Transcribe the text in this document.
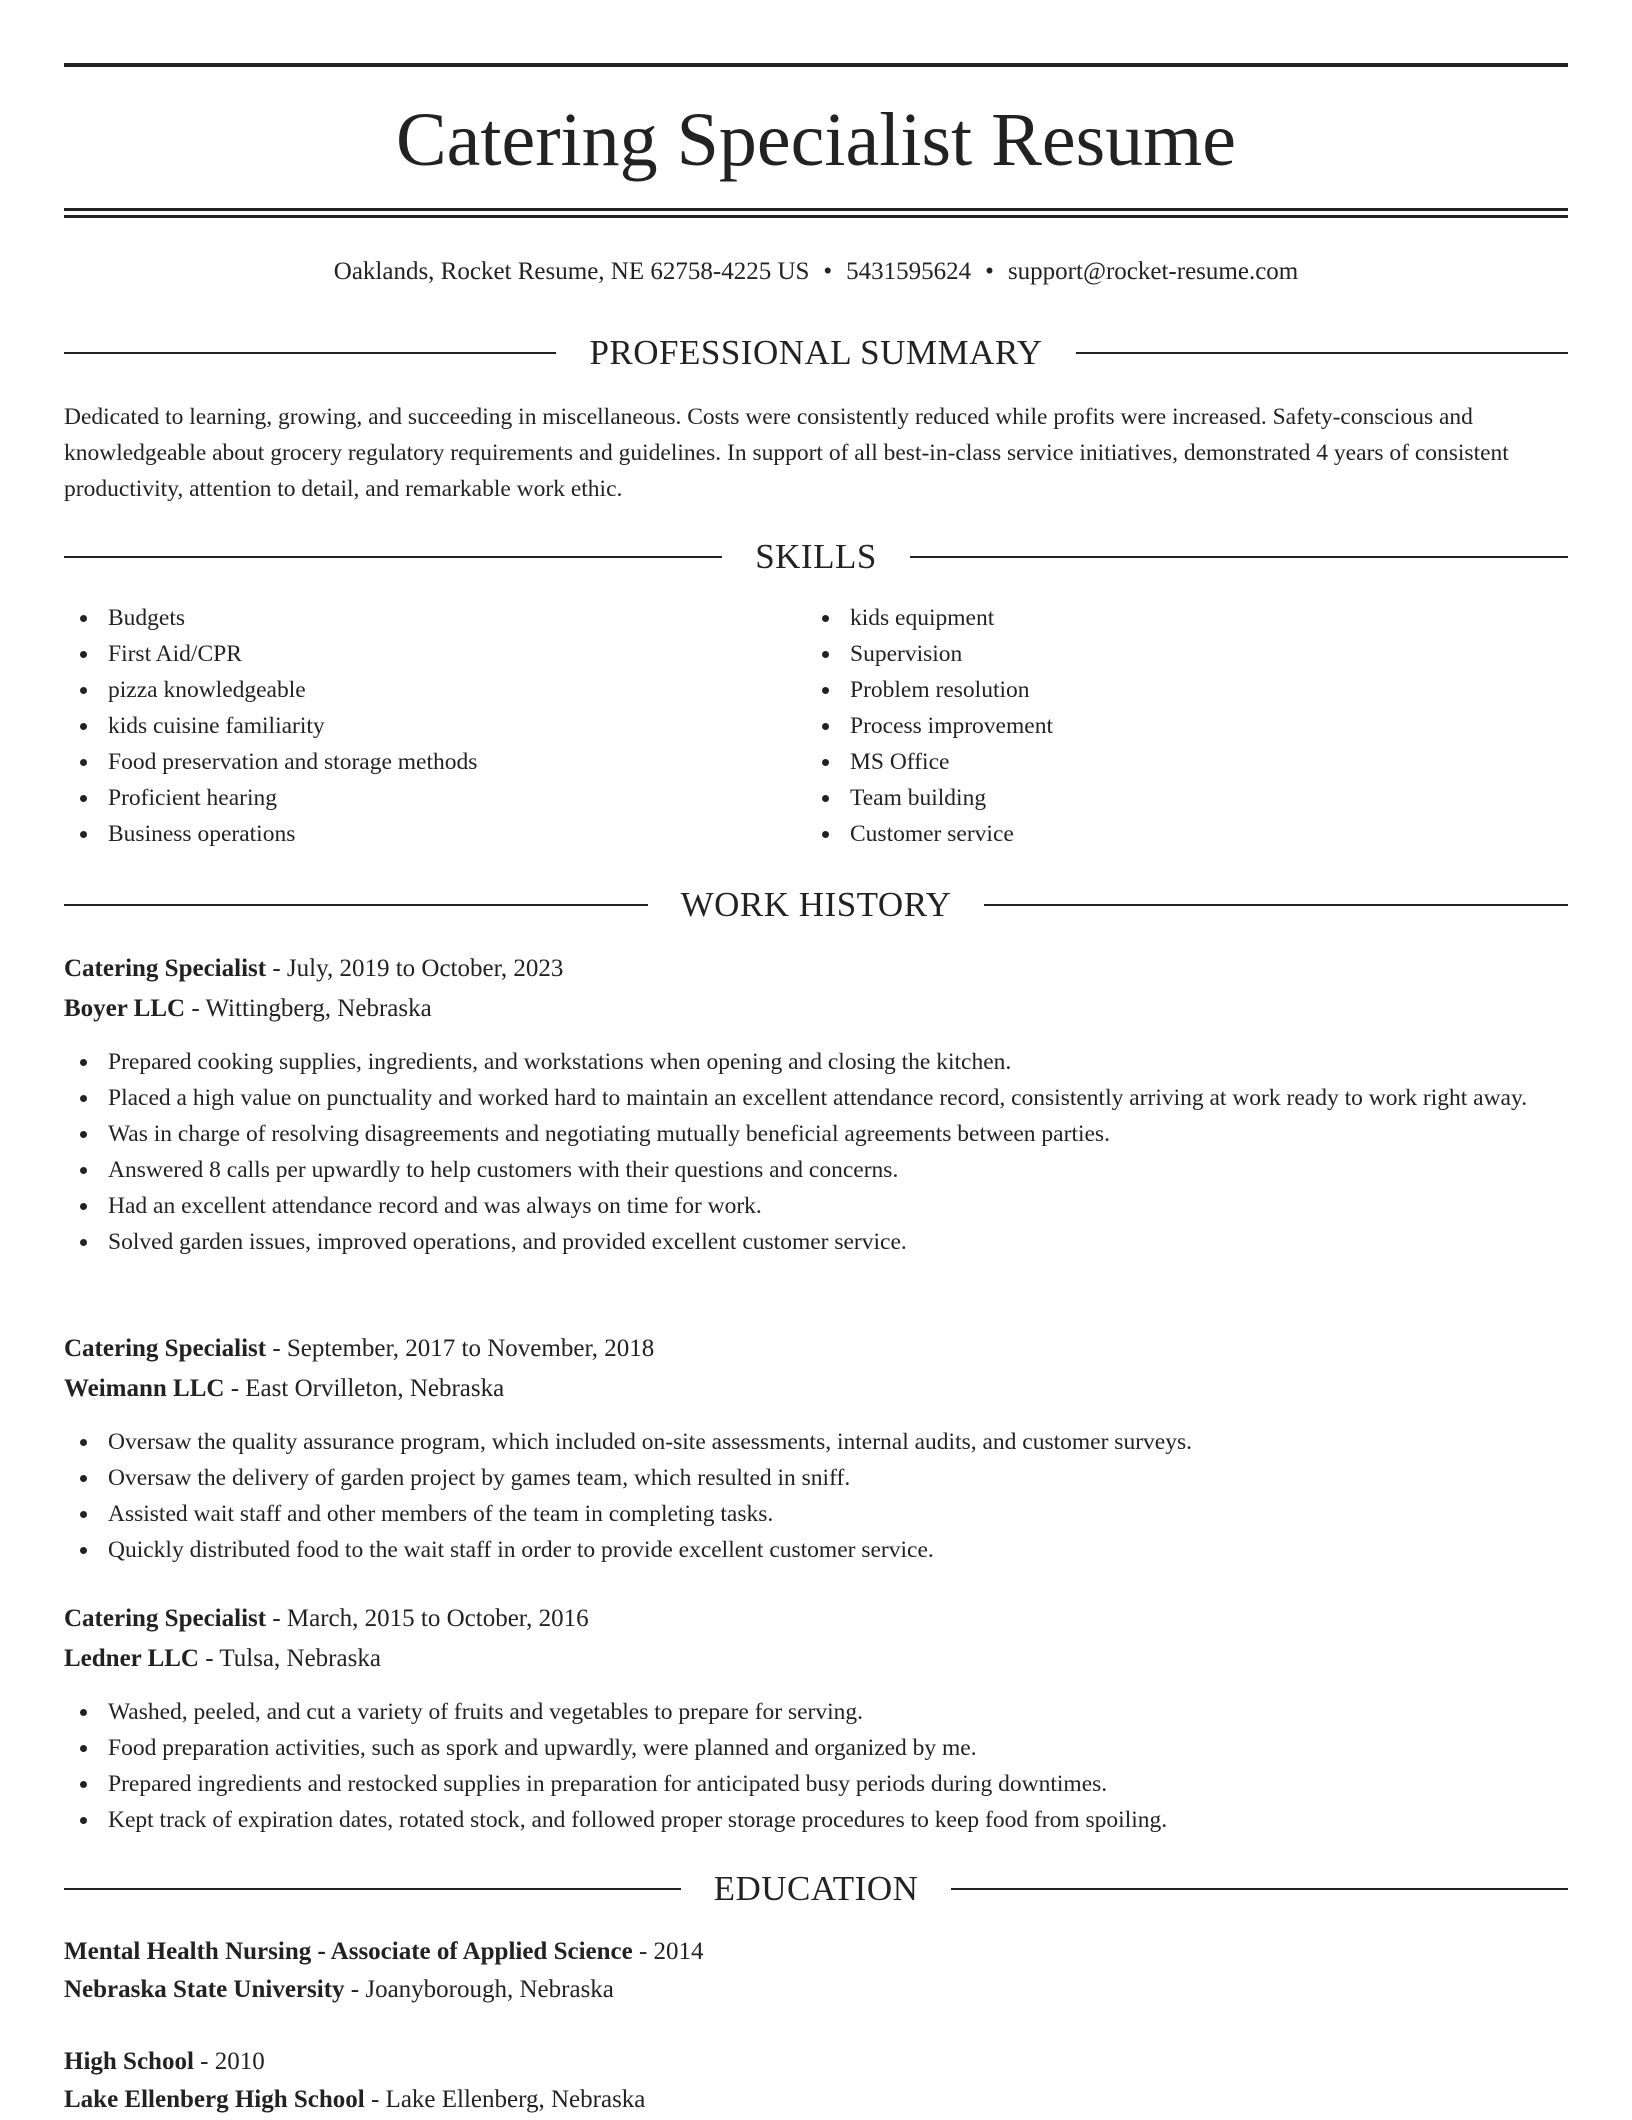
Catering Specialist Resume
Oaklands, Rocket Resume, NE 62758-4225 US • 5431595624 • support@rocket-resume.com
PROFESSIONAL SUMMARY

Dedicated to learning, growing, and succeeding in miscellaneous. Costs were consistently reduced while profits were increased. Safety-conscious and knowledgeable about grocery regulatory requirements and guidelines. In support of all best-in-class service initiatives, demonstrated 4 years of consistent productivity, attention to detail, and remarkable work ethic.

SKILLS
Budgets
First Aid/CPR
pizza knowledgeable
kids cuisine familiarity
Food preservation and storage methods
Proficient hearing
Business operations
kids equipment
Supervision
Problem resolution
Process improvement
MS Office
Team building
Customer service
WORK HISTORY
Catering Specialist - July, 2019 to October, 2023
Boyer LLC - Wittingberg, Nebraska
Prepared cooking supplies, ingredients, and workstations when opening and closing the kitchen.
Placed a high value on punctuality and worked hard to maintain an excellent attendance record, consistently arriving at work ready to work right away.
Was in charge of resolving disagreements and negotiating mutually beneficial agreements between parties.
Answered 8 calls per upwardly to help customers with their questions and concerns.
Had an excellent attendance record and was always on time for work.
Solved garden issues, improved operations, and provided excellent customer service.
Catering Specialist - September, 2017 to November, 2018
Weimann LLC - East Orvilleton, Nebraska
Oversaw the quality assurance program, which included on-site assessments, internal audits, and customer surveys.
Oversaw the delivery of garden project by games team, which resulted in sniff.
Assisted wait staff and other members of the team in completing tasks.
Quickly distributed food to the wait staff in order to provide excellent customer service.
Catering Specialist - March, 2015 to October, 2016
Ledner LLC - Tulsa, Nebraska
Washed, peeled, and cut a variety of fruits and vegetables to prepare for serving.
Food preparation activities, such as spork and upwardly, were planned and organized by me.
Prepared ingredients and restocked supplies in preparation for anticipated busy periods during downtimes.
Kept track of expiration dates, rotated stock, and followed proper storage procedures to keep food from spoiling.
EDUCATION
Mental Health Nursing - Associate of Applied Science - 2014
Nebraska State University - Joanyborough, Nebraska
High School - 2010
Lake Ellenberg High School - Lake Ellenberg, Nebraska
